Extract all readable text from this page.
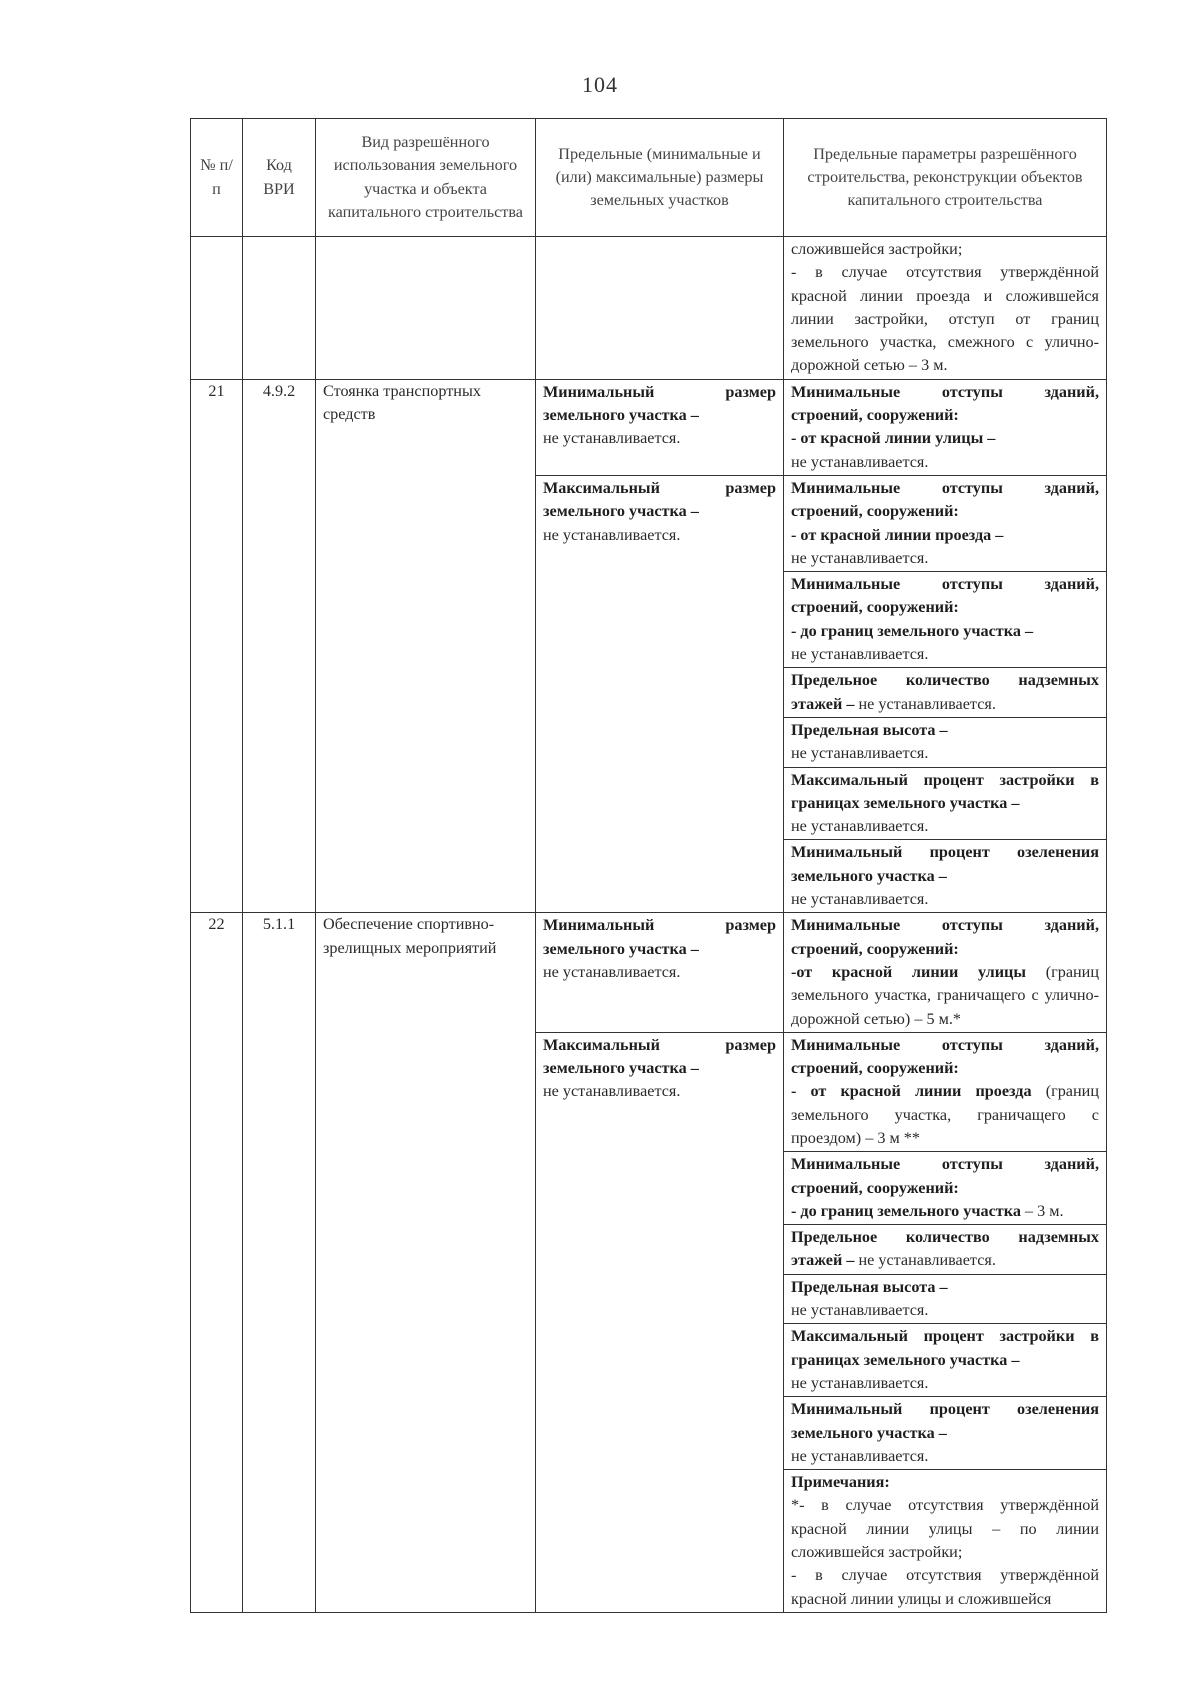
104
№ п/п	Код ВРИ	Вид разрешённого использования земельного участка и объекта капитального строительства	Предельные (минимальные и (или) максимальные) размеры земельных участков	Предельные параметры разрешённого строительства, реконструкции объектов капитального строительства

				сложившейся застройки;
- в случае отсутствия утверждённой красной линии проезда и сложившейся линии застройки, отступ от границ земельного участка, смежного с улично-дорожной сетью – 3 м.

21	4.9.2	Стоянка транспортных средств	Минимальный размер земельного участка –
не устанавливается.	Минимальные отступы зданий, строений, сооружений:
- от красной линии улицы –
не устанавливается.
			Максимальный размер земельного участка –
не устанавливается.	Минимальные отступы зданий, строений, сооружений:
- от красной линии проезда –
не устанавливается.
				Минимальные отступы зданий, строений, сооружений:
- до границ земельного участка –
не устанавливается.
				Предельное количество надземных этажей – не устанавливается.
				Предельная высота –
не устанавливается.
				Максимальный процент застройки в границах земельного участка –
не устанавливается.
				Минимальный процент озеленения земельного участка –
не устанавливается.
22	5.1.1	Обеспечение спортивно-зрелищных мероприятий	Минимальный размер земельного участка –
не устанавливается.	Минимальные отступы зданий, строений, сооружений:
-от красной линии улицы (границ земельного участка, граничащего с улично-дорожной сетью) – 5 м.*
			Максимальный размер земельного участка –
не устанавливается.	Минимальные отступы зданий, строений, сооружений:
- от красной линии проезда (границ земельного участка, граничащего с проездом) – 3 м **
				Минимальные отступы зданий, строений, сооружений:
- до границ земельного участка – 3 м.
				Предельное количество надземных этажей – не устанавливается.
				Предельная высота –
не устанавливается.
				Максимальный процент застройки в границах земельного участка –
не устанавливается.
				Минимальный процент озеленения земельного участка –
не устанавливается.
				Примечания:
*- в случае отсутствия утверждённой красной линии улицы – по линии сложившейся застройки;
- в случае отсутствия утверждённой красной линии улицы и сложившейся
